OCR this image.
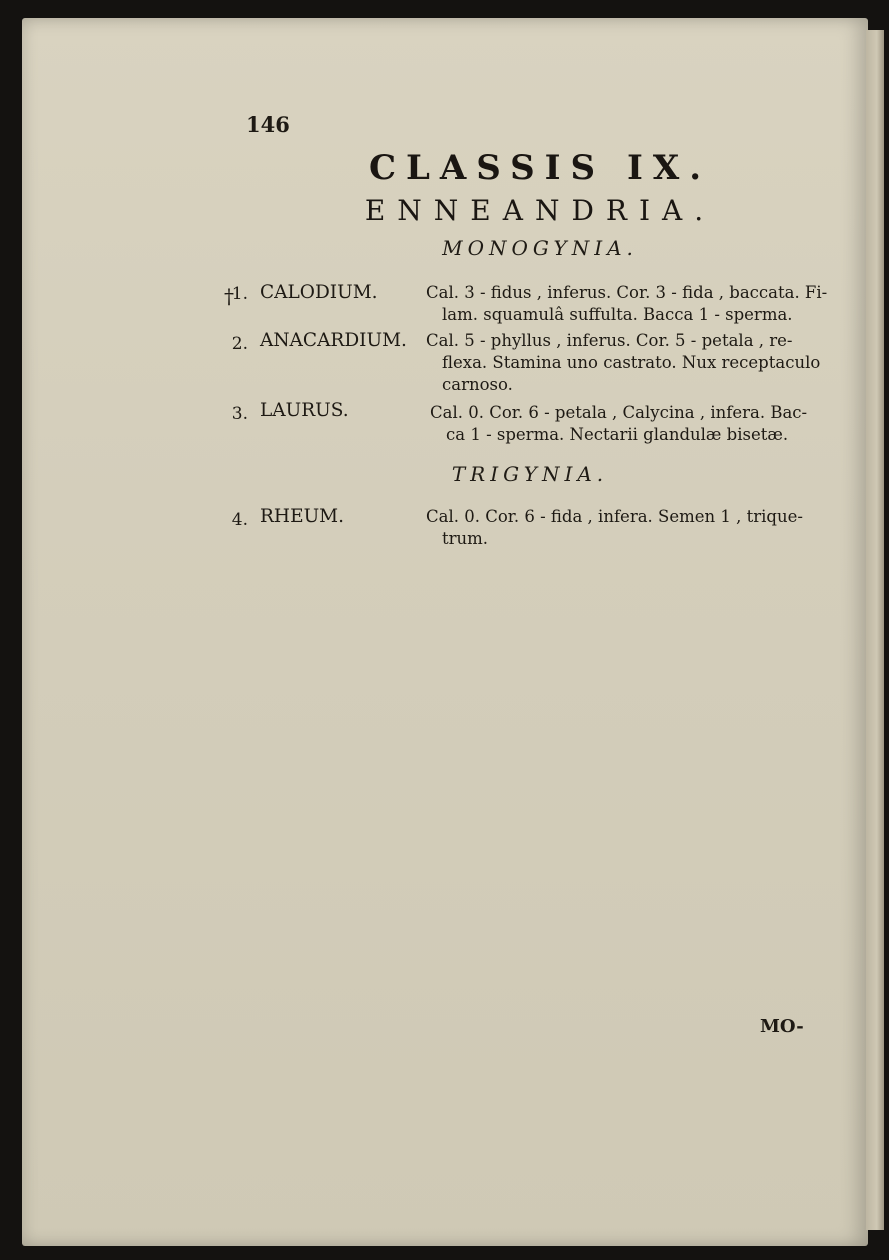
146
CLASSIS IX.
ENNEANDRIA.
MONOGYNIA.
†
1. CALODIUM.	Cal. 3 - fidus , inferus. Cor. 3 - fida , baccata. Fi-
lam. squamulâ suffulta. Bacca 1 - sperma.
2. ANACARDIUM. Cal. 5 - phyllus , inferus. Cor. 5 - petala , re-
flexa. Stamina uno castrato. Nux receptaculo
carnoso.
3. LAURUS.	Cal. 0. Cor. 6 - petala , Calycina , infera. Bac-
ca 1 - sperma. Nectarii glandulæ bisetæ.
TRIGYNIA.
4. RHEUM.	Cal. 0. Cor. 6 - fida , infera. Semen 1 , trique-
trum.
MO-
